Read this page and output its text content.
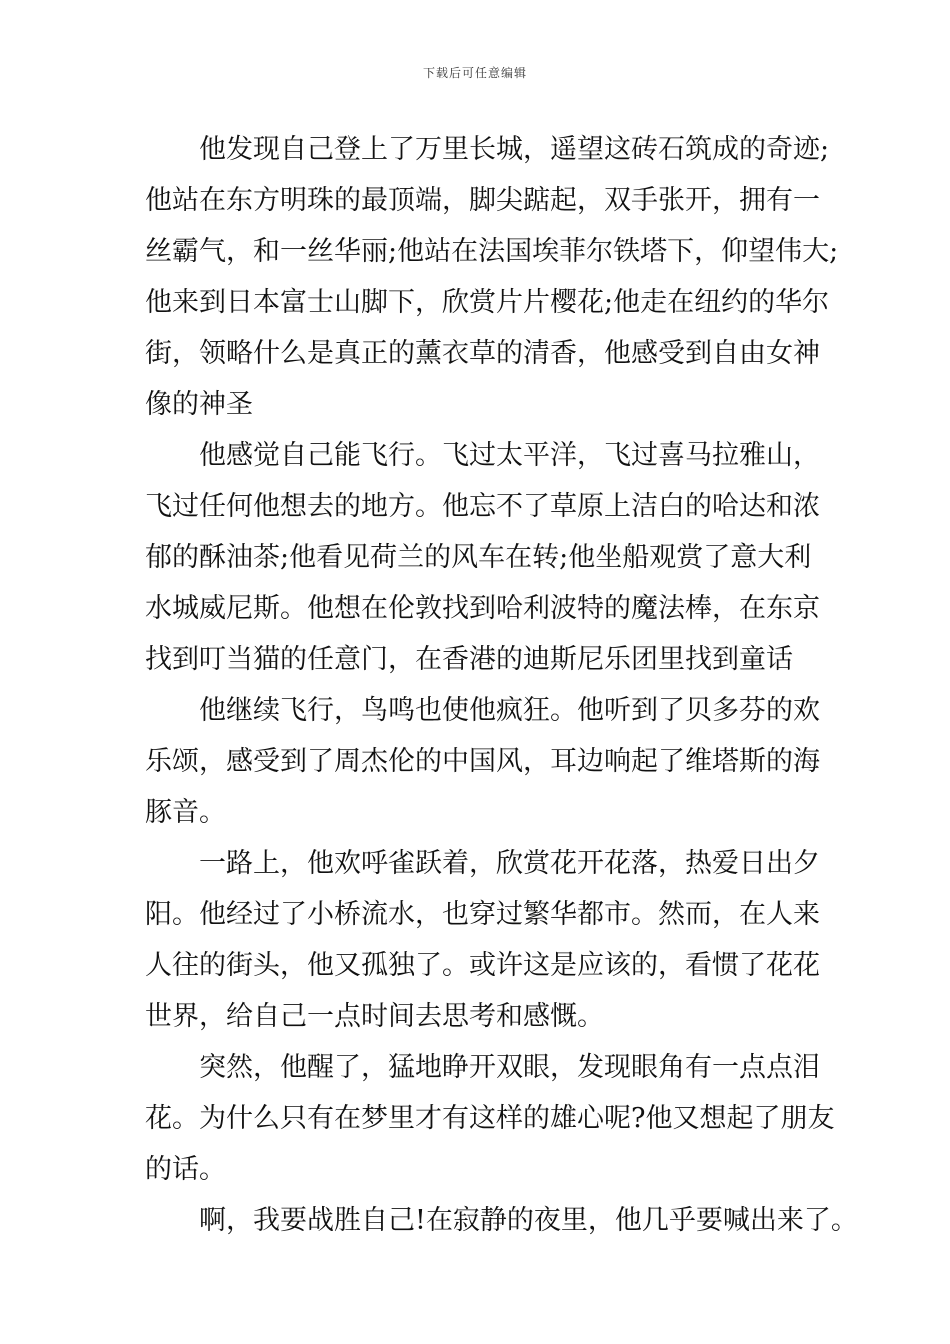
下载后可任意编辑
　　他发现自己登上了万里长城，遥望这砖石筑成的奇迹;
他站在东方明珠的最顶端，脚尖踮起，双手张开，拥有一
丝霸气，和一丝华丽;他站在法国埃菲尔铁塔下，仰望伟大;
他来到日本富士山脚下，欣赏片片樱花;他走在纽约的华尔
街，领略什么是真正的薰衣草的清香，他感受到自由女神
像的神圣
　　他感觉自己能飞行。飞过太平洋，飞过喜马拉雅山，
飞过任何他想去的地方。他忘不了草原上洁白的哈达和浓
郁的酥油茶;他看见荷兰的风车在转;他坐船观赏了意大利
水城威尼斯。他想在伦敦找到哈利波特的魔法棒，在东京
找到叮当猫的任意门，在香港的迪斯尼乐团里找到童话
　　他继续飞行，鸟鸣也使他疯狂。他听到了贝多芬的欢
乐颂，感受到了周杰伦的中国风，耳边响起了维塔斯的海
豚音。
　　一路上，他欢呼雀跃着，欣赏花开花落，热爱日出夕
阳。他经过了小桥流水，也穿过繁华都市。然而，在人来
人往的街头，他又孤独了。或许这是应该的，看惯了花花
世界，给自己一点时间去思考和感慨。
　　突然，他醒了，猛地睁开双眼，发现眼角有一点点泪
花。为什么只有在梦里才有这样的雄心呢?他又想起了朋友
的话。
　　啊，我要战胜自己!在寂静的夜里，他几乎要喊出来了。
